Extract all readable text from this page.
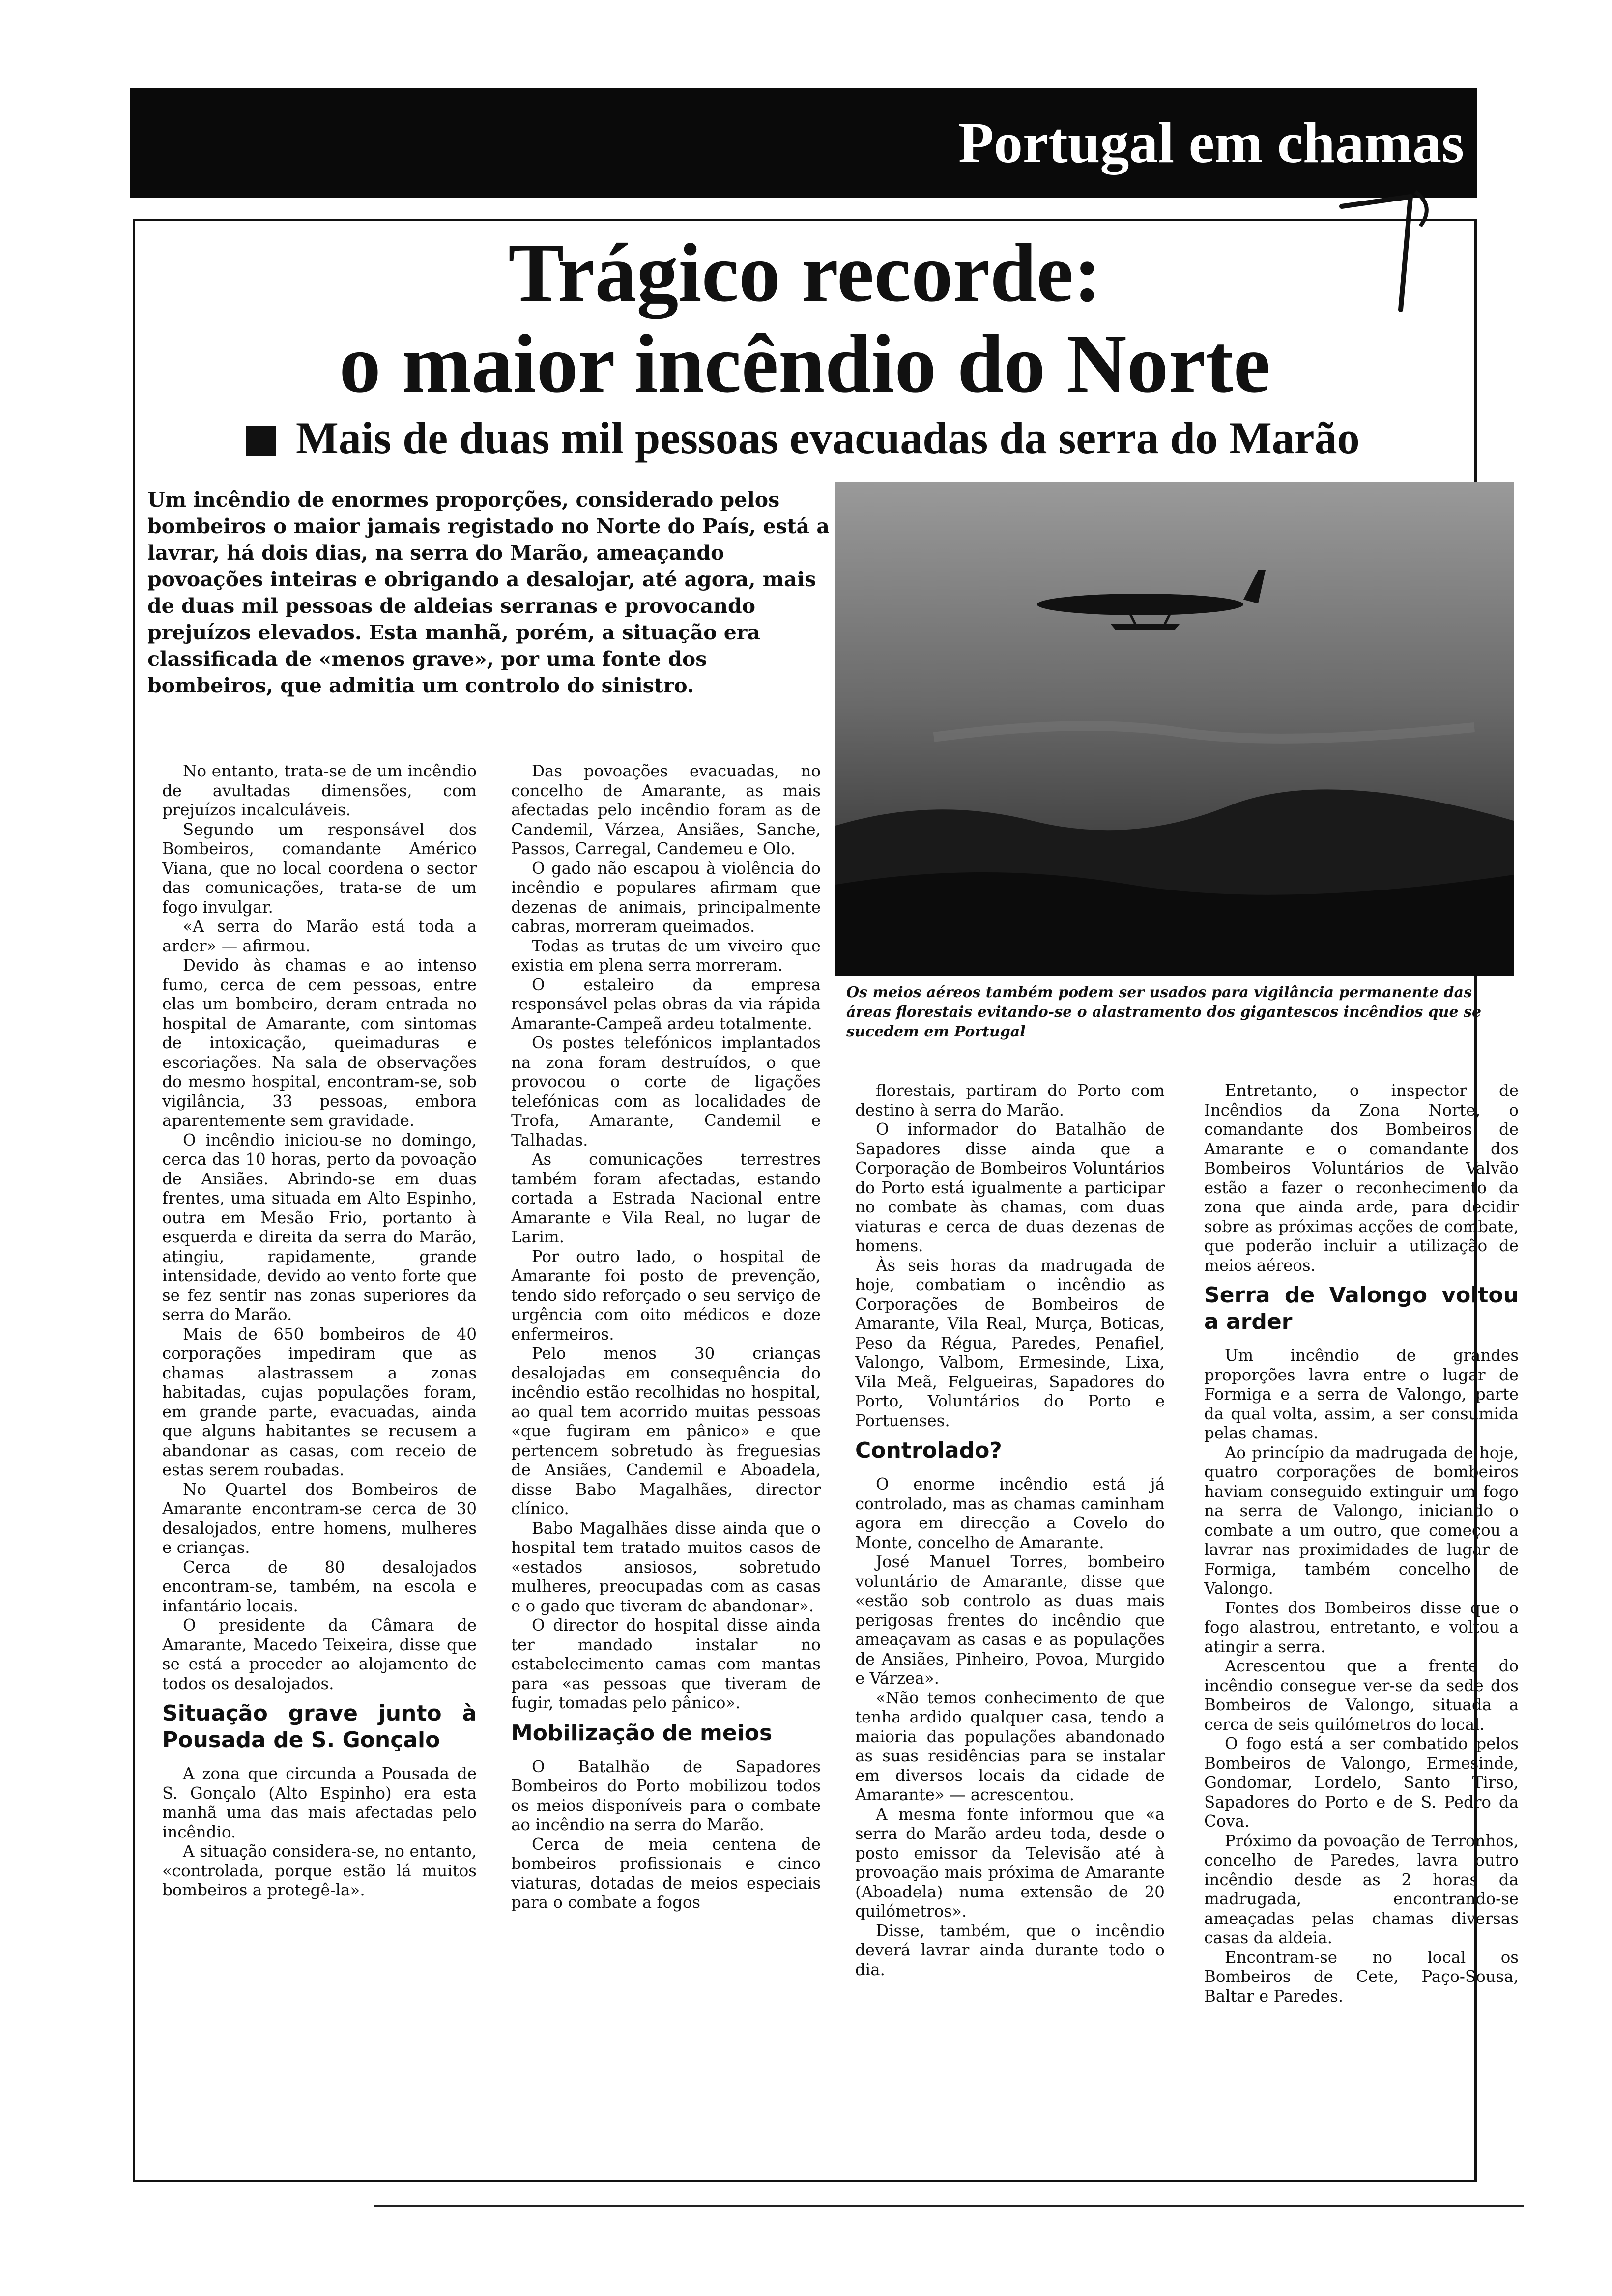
Portugal em chamas
Trágico recorde:
o maior incêndio do Norte
Mais de duas mil pessoas evacuadas da serra do Marão
Um incêndio de enormes proporções, considerado pelos bombeiros o maior jamais registado no Norte do País, está a lavrar, há dois dias, na serra do Marão, ameaçando povoações inteiras e obrigando a desalojar, até agora, mais de duas mil pessoas de aldeias serranas e provocando prejuízos elevados. Esta manhã, porém, a situação era classificada de «menos grave», por uma fonte dos bombeiros, que admitia um controlo do sinistro.
Os meios aéreos também podem ser usados para vigilância permanente das áreas florestais evitando-se o alastramento dos gigantescos incêndios que se sucedem em Portugal

No entanto, trata-se de um incêndio de avultadas dimensões, com prejuízos incalculáveis.

Segundo um responsável dos Bombeiros, comandante Américo Viana, que no local coordena o sector das comunicações, trata-se de um fogo invulgar.

«A serra do Marão está toda a arder» — afirmou.

Devido às chamas e ao intenso fumo, cerca de cem pessoas, entre elas um bombeiro, deram entrada no hospital de Amarante, com sintomas de intoxicação, queimaduras e escoriações. Na sala de observações do mesmo hospital, encontram-se, sob vigilância, 33 pessoas, embora aparentemente sem gravidade.

O incêndio iniciou-se no domingo, cerca das 10 horas, perto da povoação de Ansiães. Abrindo-se em duas frentes, uma situada em Alto Espinho, outra em Mesão Frio, portanto à esquerda e direita da serra do Marão, atingiu, rapidamente, grande intensidade, devido ao vento forte que se fez sentir nas zonas superiores da serra do Marão.

Mais de 650 bombeiros de 40 corporações impediram que as chamas alastrassem a zonas habitadas, cujas populações foram, em grande parte, evacuadas, ainda que alguns habitantes se recusem a abandonar as casas, com receio de estas serem roubadas.

No Quartel dos Bombeiros de Amarante encontram-se cerca de 30 desalojados, entre homens, mulheres e crianças.

Cerca de 80 desalojados encontram-se, também, na escola e infantário locais.

O presidente da Câmara de Amarante, Macedo Teixeira, disse que se está a proceder ao alojamento de todos os desalojados.

Situação grave junto à Pousada de S. Gonçalo

A zona que circunda a Pousada de S. Gonçalo (Alto Espinho) era esta manhã uma das mais afectadas pelo incêndio.

A situação considera-se, no entanto, «controlada, porque estão lá muitos bombeiros a protegê-la».

Das povoações evacuadas, no concelho de Amarante, as mais afectadas pelo incêndio foram as de Candemil, Várzea, Ansiães, Sanche, Passos, Carregal, Candemeu e Olo.

O gado não escapou à violência do incêndio e populares afirmam que dezenas de animais, principalmente cabras, morreram queimados.

Todas as trutas de um viveiro que existia em plena serra morreram.

O estaleiro da empresa responsável pelas obras da via rápida Amarante-Campeã ardeu totalmente.

Os postes telefónicos implantados na zona foram destruídos, o que provocou o corte de ligações telefónicas com as localidades de Trofa, Amarante, Candemil e Talhadas.

As comunicações terrestres também foram afectadas, estando cortada a Estrada Nacional entre Amarante e Vila Real, no lugar de Larim.

Por outro lado, o hospital de Amarante foi posto de prevenção, tendo sido reforçado o seu serviço de urgência com oito médicos e doze enfermeiros.

Pelo menos 30 crianças desalojadas em consequência do incêndio estão recolhidas no hospital, ao qual tem acorrido muitas pessoas «que fugiram em pânico» e que pertencem sobretudo às freguesias de Ansiães, Candemil e Aboadela, disse Babo Magalhães, director clínico.

Babo Magalhães disse ainda que o hospital tem tratado muitos casos de «estados ansiosos, sobretudo mulheres, preocupadas com as casas e o gado que tiveram de abandonar».

O director do hospital disse ainda ter mandado instalar no estabelecimento camas com mantas para «as pessoas que tiveram de fugir, tomadas pelo pânico».

Mobilização de meios

O Batalhão de Sapadores Bombeiros do Porto mobilizou todos os meios disponíveis para o combate ao incêndio na serra do Marão.

Cerca de meia centena de bombeiros profissionais e cinco viaturas, dotadas de meios especiais para o combate a fogos

florestais, partiram do Porto com destino à serra do Marão.

O informador do Batalhão de Sapadores disse ainda que a Corporação de Bombeiros Voluntários do Porto está igualmente a participar no combate às chamas, com duas viaturas e cerca de duas dezenas de homens.

Às seis horas da madrugada de hoje, combatiam o incêndio as Corporações de Bombeiros de Amarante, Vila Real, Murça, Boticas, Peso da Régua, Paredes, Penafiel, Valongo, Valbom, Ermesinde, Lixa, Vila Meã, Felgueiras, Sapadores do Porto, Voluntários do Porto e Portuenses.

Controlado?

O enorme incêndio está já controlado, mas as chamas caminham agora em direcção a Covelo do Monte, concelho de Amarante.

José Manuel Torres, bombeiro voluntário de Amarante, disse que «estão sob controlo as duas mais perigosas frentes do incêndio que ameaçavam as casas e as populações de Ansiães, Pinheiro, Povoa, Murgido e Várzea».

«Não temos conhecimento de que tenha ardido qualquer casa, tendo a maioria das populações abandonado as suas residências para se instalar em diversos locais da cidade de Amarante» — acrescentou.

A mesma fonte informou que «a serra do Marão ardeu toda, desde o posto emissor da Televisão até à provoação mais próxima de Amarante (Aboadela) numa extensão de 20 quilómetros».

Disse, também, que o incêndio deverá lavrar ainda durante todo o dia.

Entretanto, o inspector de Incêndios da Zona Norte, o comandante dos Bombeiros de Amarante e o comandante dos Bombeiros Voluntários de Valvão estão a fazer o reconhecimento da zona que ainda arde, para decidir sobre as próximas acções de combate, que poderão incluir a utilização de meios aéreos.

Serra de Valongo voltou a arder

Um incêndio de grandes proporções lavra entre o lugar de Formiga e a serra de Valongo, parte da qual volta, assim, a ser consumida pelas chamas.

Ao princípio da madrugada de hoje, quatro corporações de bombeiros haviam conseguido extinguir um fogo na serra de Valongo, iniciando o combate a um outro, que começou a lavrar nas proximidades de lugar de Formiga, também concelho de Valongo.

Fontes dos Bombeiros disse que o fogo alastrou, entretanto, e voltou a atingir a serra.

Acrescentou que a frente do incêndio consegue ver-se da sede dos Bombeiros de Valongo, situada a cerca de seis quilómetros do local.

O fogo está a ser combatido pelos Bombeiros de Valongo, Ermesinde, Gondomar, Lordelo, Santo Tirso, Sapadores do Porto e de S. Pedro da Cova.

Próximo da povoação de Terronhos, concelho de Paredes, lavra outro incêndio desde as 2 horas da madrugada, encontrando-se ameaçadas pelas chamas diversas casas da aldeia.

Encontram-se no local os Bombeiros de Cete, Paço-Sousa, Baltar e Paredes.
